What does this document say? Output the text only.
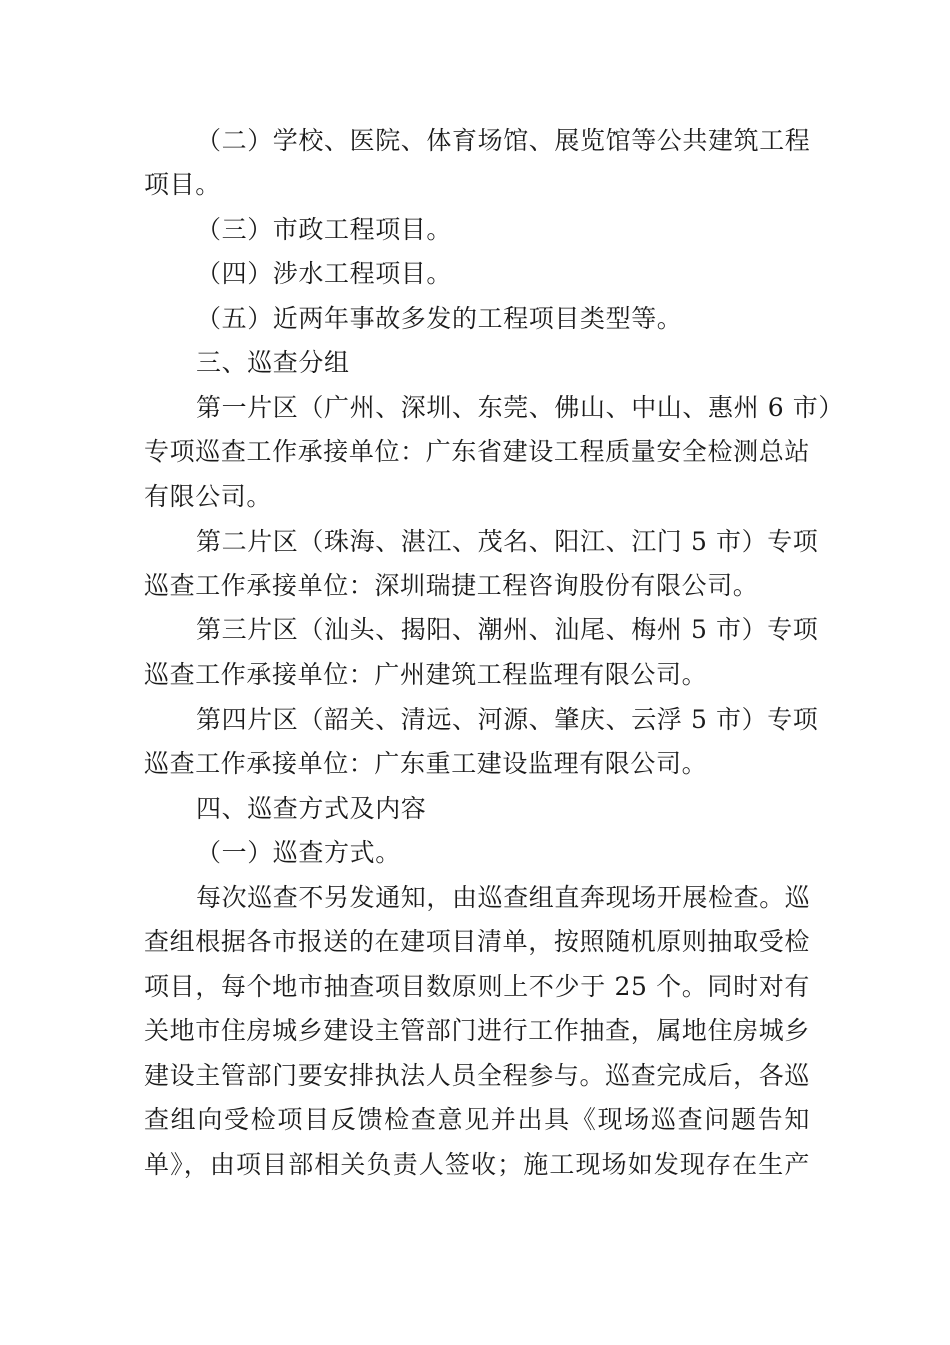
（二）学校、医院、体育场馆、展览馆等公共建筑工程
项目。
（三）市政工程项目。
（四）涉水工程项目。
（五）近两年事故多发的工程项目类型等。
三、巡查分组
第一片区（广州、深圳、东莞、佛山、中山、惠州 6 市）
专项巡查工作承接单位：广东省建设工程质量安全检测总站
有限公司。
第二片区（珠海、湛江、茂名、阳江、江门 5 市）专项
巡查工作承接单位：深圳瑞捷工程咨询股份有限公司。
第三片区（汕头、揭阳、潮州、汕尾、梅州 5 市）专项
巡查工作承接单位：广州建筑工程监理有限公司。
第四片区（韶关、清远、河源、肇庆、云浮 5 市）专项
巡查工作承接单位：广东重工建设监理有限公司。
四、巡查方式及内容
（一）巡查方式。
每次巡查不另发通知，由巡查组直奔现场开展检查。巡
查组根据各市报送的在建项目清单，按照随机原则抽取受检
项目，每个地市抽查项目数原则上不少于 25 个。同时对有
关地市住房城乡建设主管部门进行工作抽查，属地住房城乡
建设主管部门要安排执法人员全程参与。巡查完成后，各巡
查组向受检项目反馈检查意见并出具《现场巡查问题告知
单》，由项目部相关负责人签收；施工现场如发现存在生产
